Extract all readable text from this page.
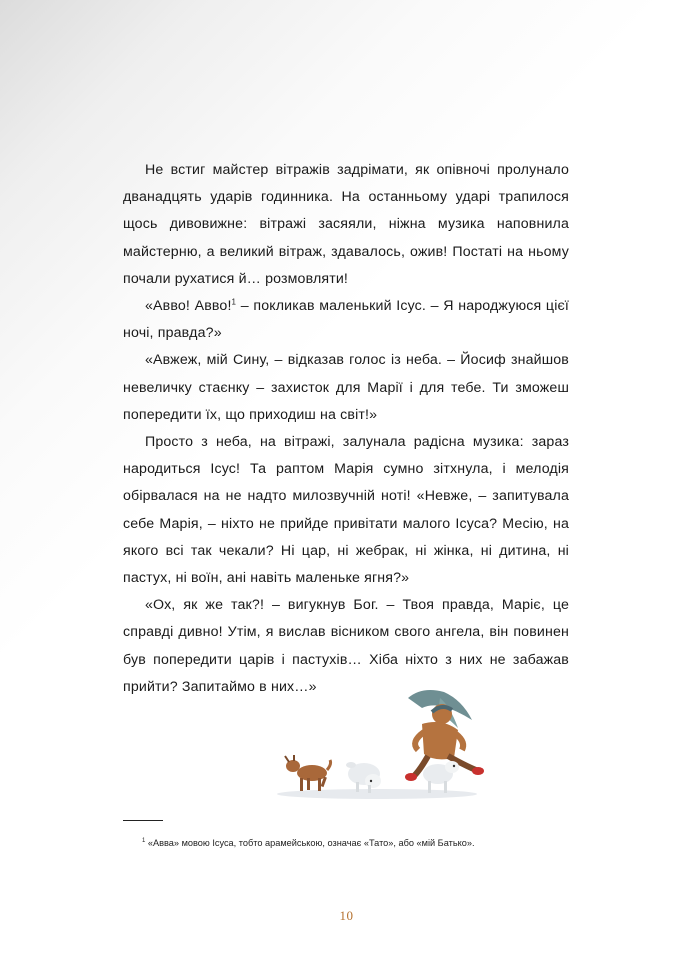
Не встиг майстер вітражів задрімати, як опівночі пролунало дванадцять ударів годинника. На останньому ударі трапилося щось дивовижне: вітражі засяяли, ніжна музика наповнила майстерню, а великий вітраж, здавалось, ожив! Постаті на ньому почали рухатися й… розмовляти!

«Авво! Авво!$^1$ – покликав маленький Ісус. – Я народжуюся цієї ночі, правда?»

«Авжеж, мій Сину, – відказав голос із неба. – Йосиф знайшов невеличку стаєнку – захисток для Марії і для тебе. Ти зможеш попередити їх, що приходиш на світ!»

Просто з неба, на вітражі, залунала радісна музика: зараз народиться Ісус! Та раптом Марія сумно зітхнула, і мелодія обірвалася на не надто милозвучній ноті! «Невже, – запитувала себе Марія, – ніхто не прийде привітати малого Ісуса? Месію, на якого всі так чекали? Ні цар, ні жебрак, ні жінка, ні дитина, ні пастух, ні воїн, ані навіть маленьке ягня?»

«Ох, як же так?! – вигукнув Бог. – Твоя правда, Маріє, це справді дивно! Утім, я вислав вісником свого ангела, він повинен був попередити царів і пастухів… Хіба ніхто з них не забажав прийти? Запитаймо в них…»

$^1$ «Авва» мовою Ісуса, тобто арамейською, означає «Тато», або «мій Батько».
10
